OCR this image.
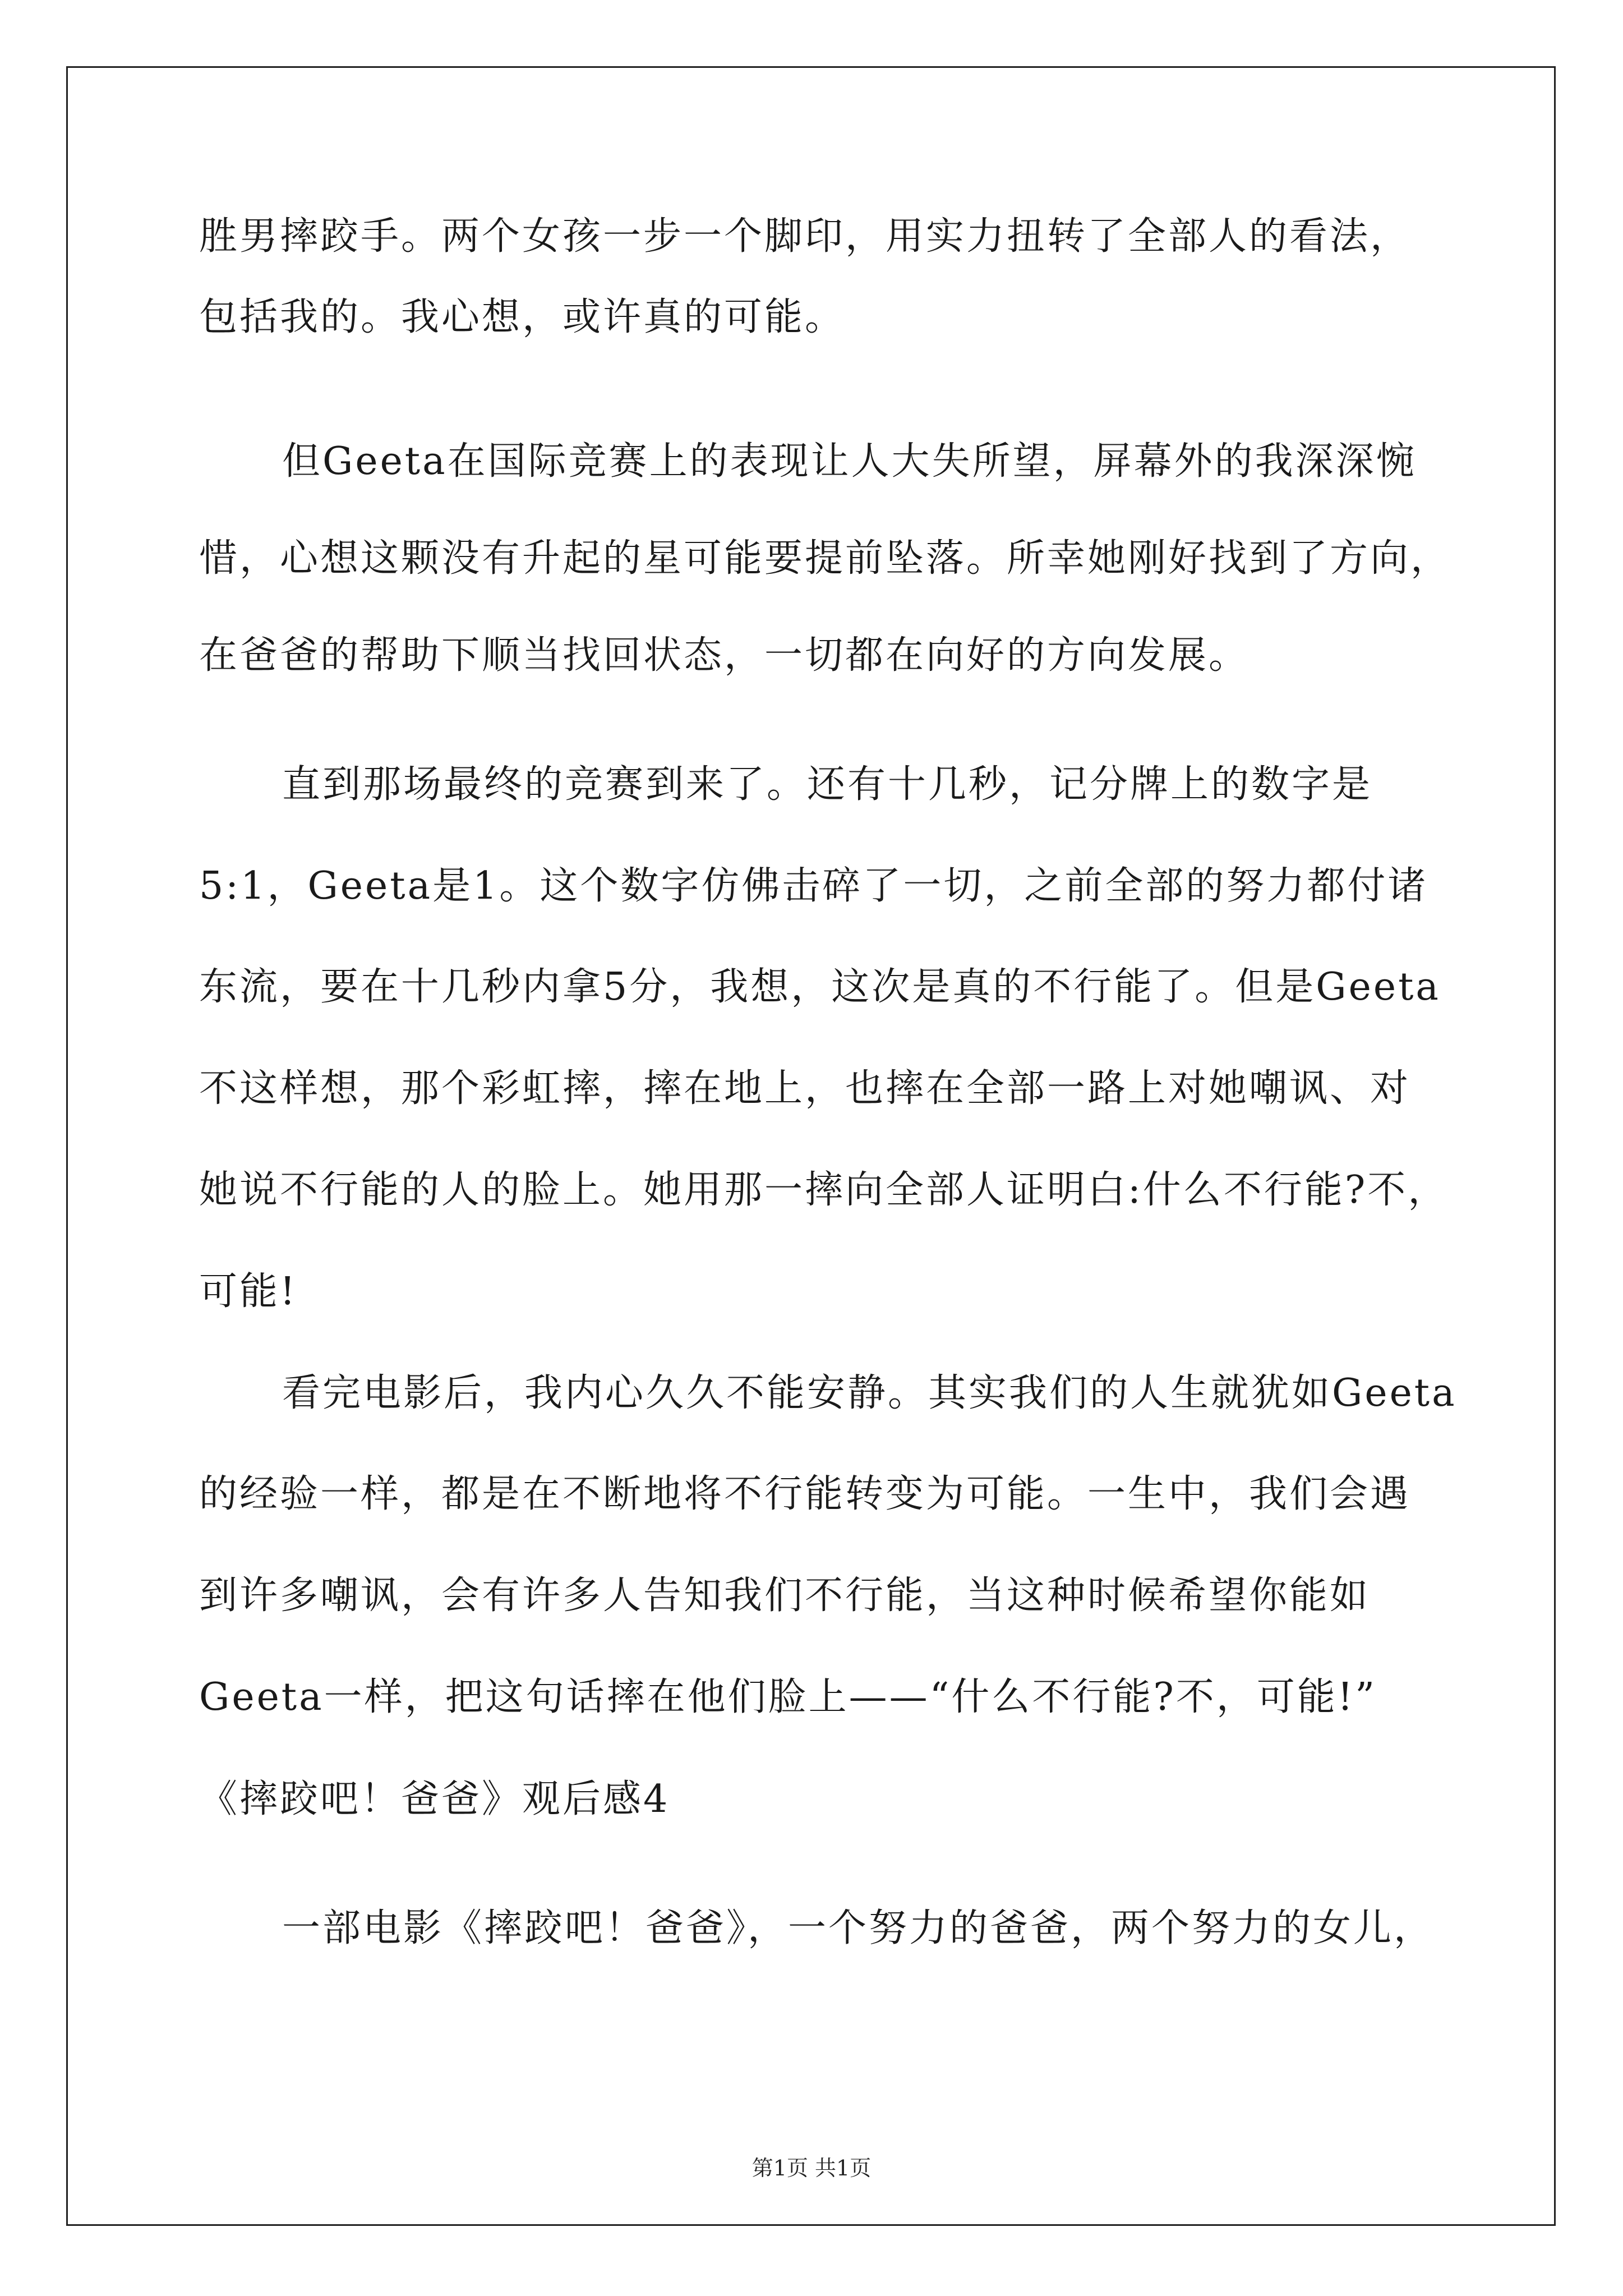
胜男摔跤手。两个女孩一步一个脚印，用实力扭转了全部人的看法，
包括我的。我心想，或许真的可能。
但Geeta在国际竞赛上的表现让人大失所望，屏幕外的我深深惋
惜，心想这颗没有升起的星可能要提前坠落。所幸她刚好找到了方向，
在爸爸的帮助下顺当找回状态，一切都在向好的方向发展。
直到那场最终的竞赛到来了。还有十几秒，记分牌上的数字是
5:1，Geeta是1。这个数字仿佛击碎了一切，之前全部的努力都付诸
东流，要在十几秒内拿5分，我想，这次是真的不行能了。但是Geeta
不这样想，那个彩虹摔，摔在地上，也摔在全部一路上对她嘲讽、对
她说不行能的人的脸上。她用那一摔向全部人证明白:什么不行能?不，
可能!
看完电影后，我内心久久不能安静。其实我们的人生就犹如Geeta
的经验一样，都是在不断地将不行能转变为可能。一生中，我们会遇
到许多嘲讽，会有许多人告知我们不行能，当这种时候希望你能如
Geeta一样，把这句话摔在他们脸上——“什么不行能?不，可能!”
《摔跤吧！爸爸》观后感4
一部电影《摔跤吧！爸爸》，一个努力的爸爸，两个努力的女儿，
第1页 共1页
